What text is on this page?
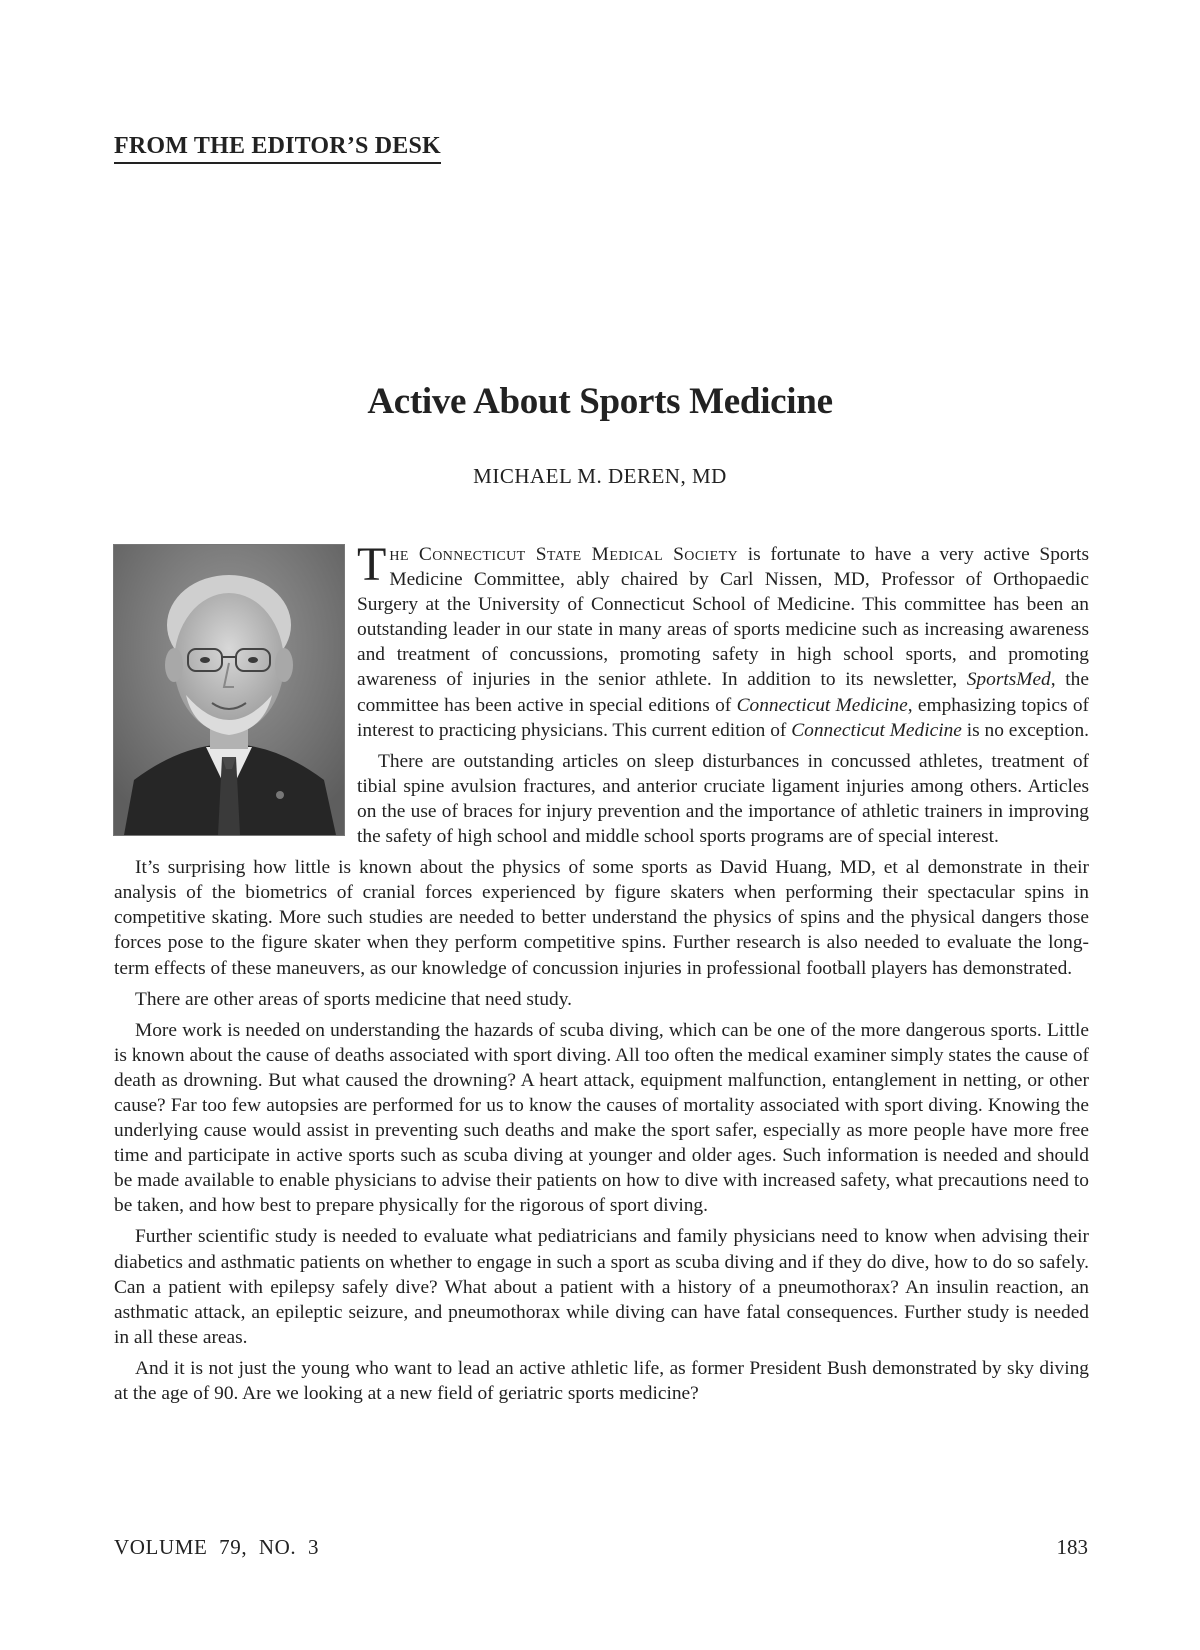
FROM THE EDITOR’S DESK
Active About Sports Medicine
MICHAEL M. DEREN, MD

The Connecticut State Medical Society is fortunate to have a very active Sports Medicine Committee, ably chaired by Carl Nissen, MD, Professor of Orthopaedic Surgery at the University of Connecticut School of Medicine. This committee has been an outstanding leader in our state in many areas of sports medicine such as increasing awareness and treatment of concussions, promoting safety in high school sports, and promoting awareness of injuries in the senior athlete. In addition to its newsletter, SportsMed, the committee has been active in special editions of Connecticut Medicine, emphasizing topics of interest to practicing physicians. This current edition of Connecticut Medicine is no exception.

There are outstanding articles on sleep disturbances in concussed athletes, treatment of tibial spine avulsion fractures, and anterior cruciate ligament injuries among others. Articles on the use of braces for injury prevention and the importance of athletic trainers in improving the safety of high school and middle school sports programs are of special interest.

It’s surprising how little is known about the physics of some sports as David Huang, MD, et al demonstrate in their analysis of the biometrics of cranial forces experienced by figure skaters when performing their spectacular spins in competitive skating. More such studies are needed to better understand the physics of spins and the physical dangers those forces pose to the figure skater when they perform competitive spins. Further research is also needed to evaluate the long-term effects of these maneuvers, as our knowledge of concussion injuries in professional football players has demonstrated.

There are other areas of sports medicine that need study.

More work is needed on understanding the hazards of scuba diving, which can be one of the more dangerous sports. Little is known about the cause of deaths associated with sport diving. All too often the medical examiner simply states the cause of death as drowning. But what caused the drowning? A heart attack, equipment malfunction, entanglement in netting, or other cause? Far too few autopsies are performed for us to know the causes of mortality associated with sport diving. Knowing the underlying cause would assist in preventing such deaths and make the sport safer, especially as more people have more free time and participate in active sports such as scuba diving at younger and older ages. Such information is needed and should be made available to enable physicians to advise their patients on how to dive with increased safety, what precautions need to be taken, and how best to prepare physically for the rigorous of sport diving.

Further scientific study is needed to evaluate what pediatricians and family physicians need to know when advising their diabetics and asthmatic patients on whether to engage in such a sport as scuba diving and if they do dive, how to do so safely. Can a patient with epilepsy safely dive? What about a patient with a history of a pneumothorax? An insulin reaction, an asthmatic attack, an epileptic seizure, and pneumothorax while diving can have fatal consequences. Further study is needed in all these areas.

And it is not just the young who want to lead an active athletic life, as former President Bush demonstrated by sky diving at the age of 90. Are we looking at a new field of geriatric sports medicine?

VOLUME  79,  NO.  3	183
